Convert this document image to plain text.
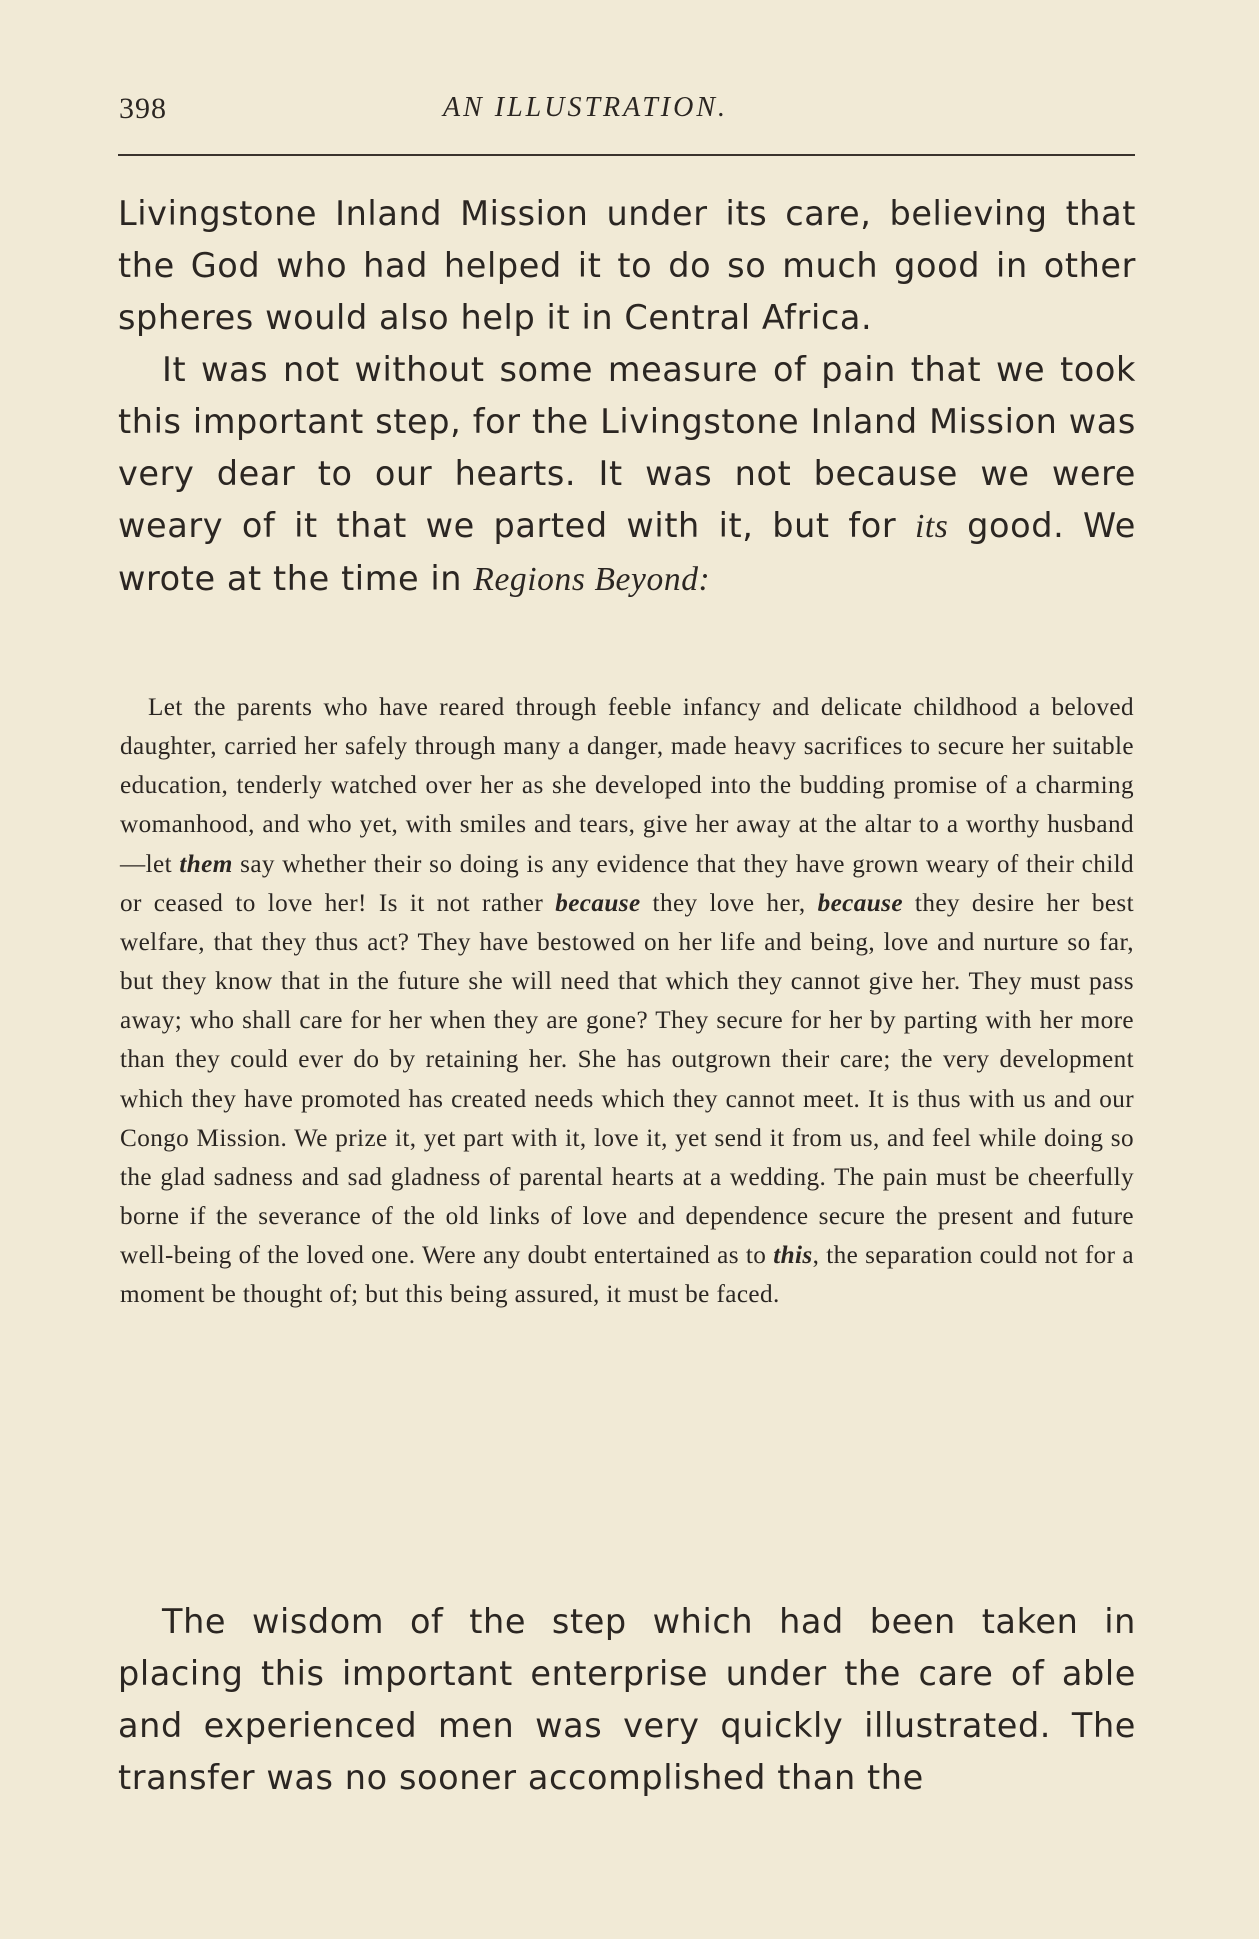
398	AN ILLUSTRATION.

Livingstone Inland Mission under its care, believing that the God who had helped it to do so much good in other spheres would also help it in Central Africa.

It was not without some measure of pain that we took this important step, for the Livingstone Inland Mission was very dear to our hearts. It was not because we were weary of it that we parted with it, but for its good. We wrote at the time in Regions Beyond:

Let the parents who have reared through feeble infancy and delicate childhood a beloved daughter, carried her safely through many a danger, made heavy sacrifices to secure her suitable education, tenderly watched over her as she developed into the budding promise of a charming womanhood, and who yet, with smiles and tears, give her away at the altar to a worthy husband—let them say whether their so doing is any evidence that they have grown weary of their child or ceased to love her! Is it not rather because they love her, because they desire her best welfare, that they thus act? They have bestowed on her life and being, love and nurture so far, but they know that in the future she will need that which they cannot give her. They must pass away; who shall care for her when they are gone? They secure for her by parting with her more than they could ever do by retaining her. She has outgrown their care; the very development which they have promoted has created needs which they cannot meet. It is thus with us and our Congo Mission. We prize it, yet part with it, love it, yet send it from us, and feel while doing so the glad sadness and sad gladness of parental hearts at a wedding. The pain must be cheerfully borne if the severance of the old links of love and dependence secure the present and future well-being of the loved one. Were any doubt entertained as to this, the separation could not for a moment be thought of; but this being assured, it must be faced.

The wisdom of the step which had been taken in placing this important enterprise under the care of able and experienced men was very quickly illustrated. The transfer was no sooner accomplished than the
